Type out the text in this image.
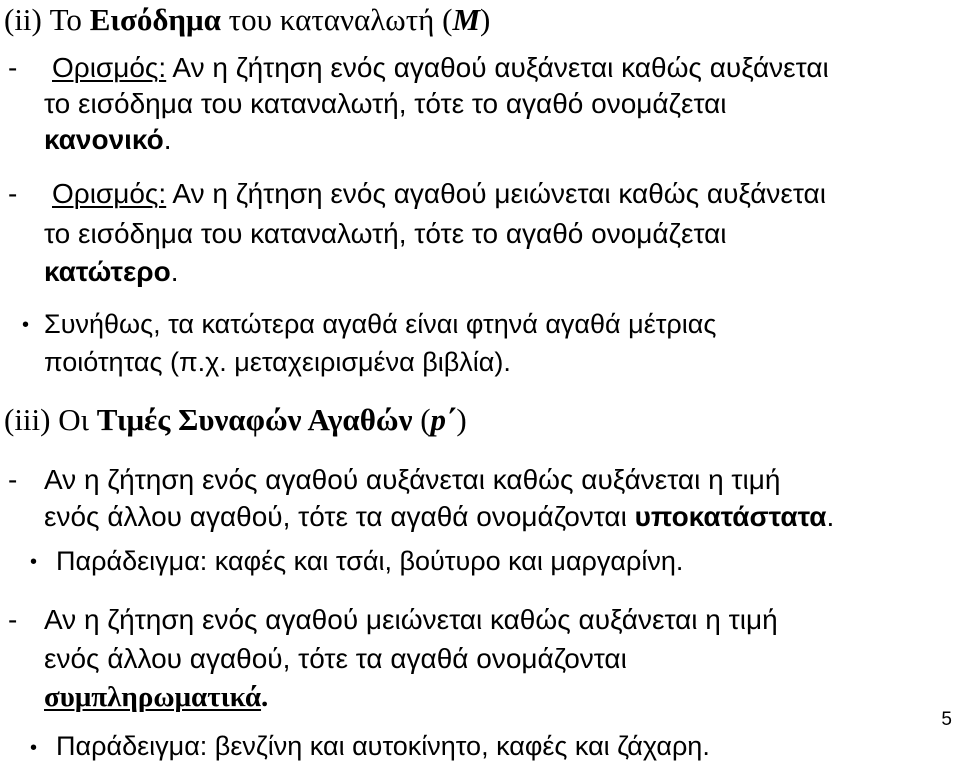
(ii) Το Εισόδημα του καταναλωτή (M)
- Ορισμός: Αν η ζήτηση ενός αγαθού αυξάνεται καθώς αυξάνεται
το εισόδημα του καταναλωτή, τότε το αγαθό ονομάζεται
κανονικό.
- Ορισμός: Αν η ζήτηση ενός αγαθού μειώνεται καθώς αυξάνεται
το εισόδημα του καταναλωτή, τότε το αγαθό ονομάζεται
κατώτερο.
• Συνήθως, τα κατώτερα αγαθά είναι φτηνά αγαθά μέτριας
ποιότητας (π.χ. μεταχειρισμένα βιβλία).
(iii) Οι Τιμές Συναφών Αγαθών (p΄)
- Αν η ζήτηση ενός αγαθού αυξάνεται καθώς αυξάνεται η τιμή
ενός άλλου αγαθού, τότε τα αγαθά ονομάζονται υποκατάστατα.
• Παράδειγμα: καφές και τσάι, βούτυρο και μαργαρίνη.
- Αν η ζήτηση ενός αγαθού μειώνεται καθώς αυξάνεται η τιμή
ενός άλλου αγαθού, τότε τα αγαθά ονομάζονται
συμπληρωματικά.
• Παράδειγμα: βενζίνη και αυτοκίνητο, καφές και ζάχαρη.
5
